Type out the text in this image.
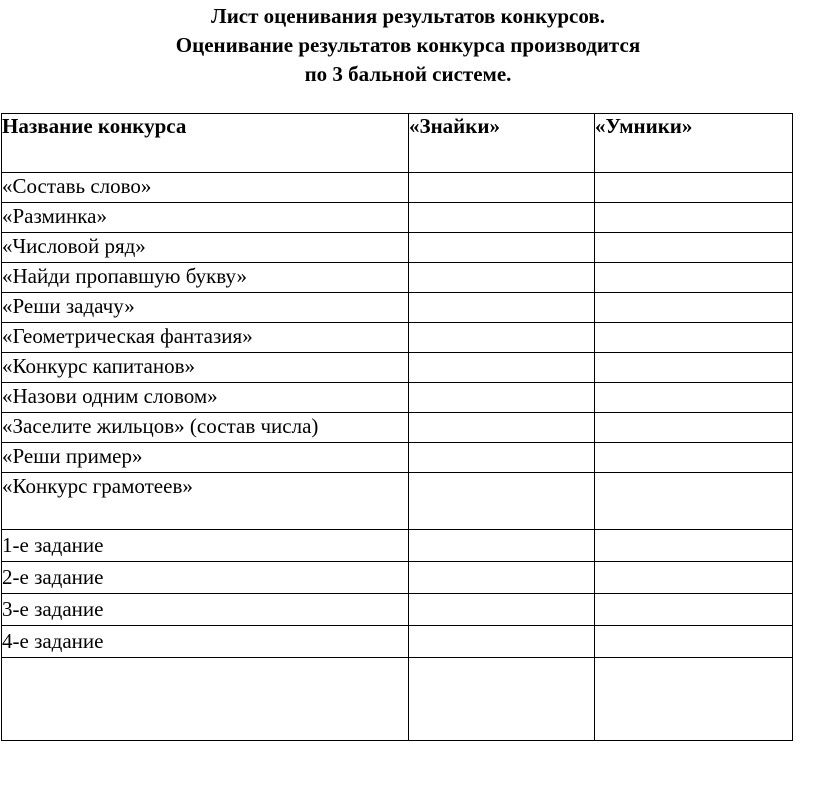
Лист оценивания результатов конкурсов.
Оценивание результатов конкурса производится
по 3 бальной системе.
Название конкурса	«Знайки»	«Умники»
«Составь слово»		
«Разминка»		
«Числовой ряд»		
«Найди пропавшую букву»		
«Реши задачу»		
«Геометрическая фантазия»		
«Конкурс капитанов»		
«Назови одним словом»		
«Заселите жильцов» (состав числа)		
«Реши пример»		
«Конкурс грамотеев»		
1-е задание		
2-е задание		
3-е задание		
4-е задание		
